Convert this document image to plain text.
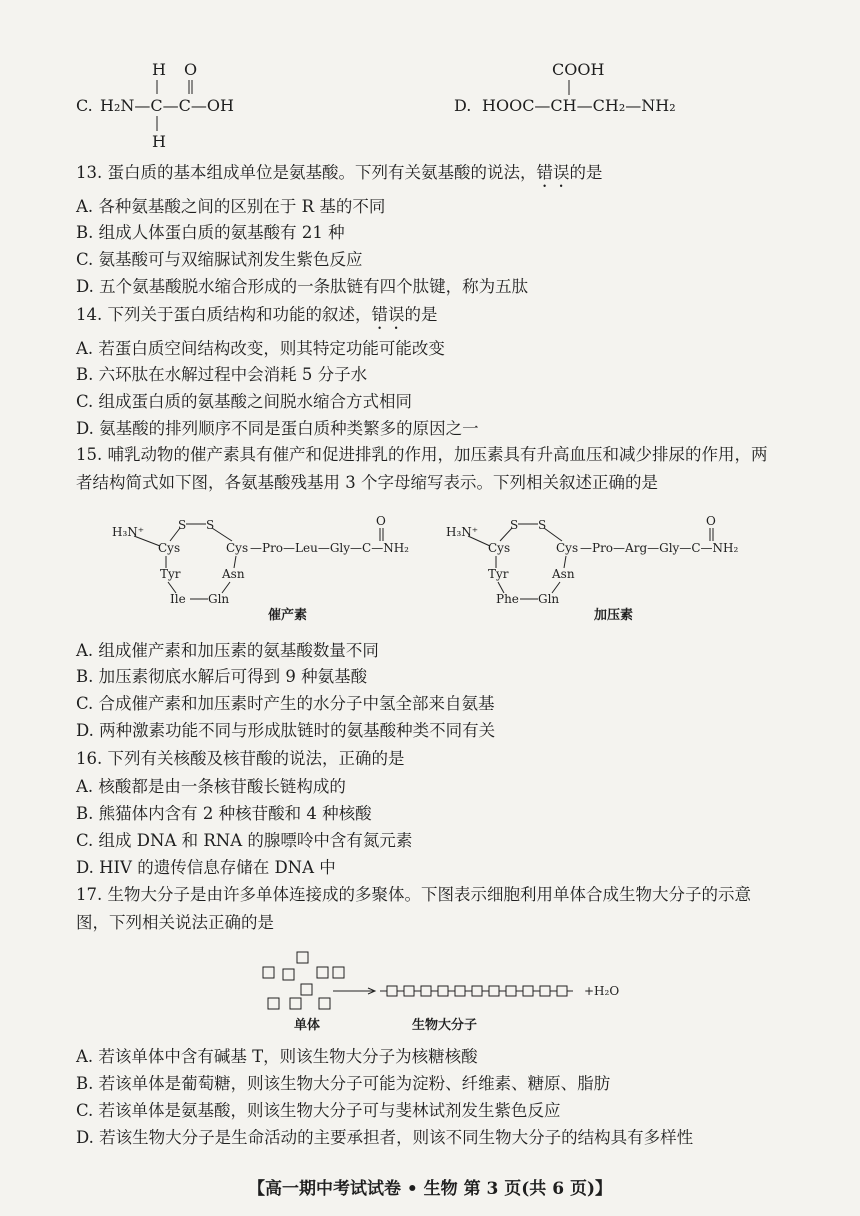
H O
C. H₂N—C—C—OH
H
COOH
D. HOOC—CH—CH₂—NH₂
13. 蛋白质的基本组成单位是氨基酸。下列有关氨基酸的说法，错误的是
A. 各种氨基酸之间的区别在于 R 基的不同
B. 组成人体蛋白质的氨基酸有 21 种
C. 氨基酸可与双缩脲试剂发生紫色反应
D. 五个氨基酸脱水缩合形成的一条肽链有四个肽键，称为五肽
14. 下列关于蛋白质结构和功能的叙述，错误的是
A. 若蛋白质空间结构改变，则其特定功能可能改变
B. 六环肽在水解过程中会消耗 5 分子水
C. 组成蛋白质的氨基酸之间脱水缩合方式相同
D. 氨基酸的排列顺序不同是蛋白质种类繁多的原因之一
15. 哺乳动物的催产素具有催产和促进排乳的作用，加压素具有升高血压和减少排尿的作用，两
者结构简式如下图，各氨基酸残基用 3 个字母缩写表示。下列相关叙述正确的是
H₃N⁺	S S
Cys	Cys —Pro—Leu—Gly—C—NH₂
O
Tyr	Asn
Ile Gln
催产素
H₃N⁺	S S
Cys	Cys —Pro—Arg—Gly—C—NH₂
O
Tyr	Asn
Phe Gln
加压素
A. 组成催产素和加压素的氨基酸数量不同
B. 加压素彻底水解后可得到 9 种氨基酸
C. 合成催产素和加压素时产生的水分子中氢全部来自氨基
D. 两种激素功能不同与形成肽链时的氨基酸种类不同有关
16. 下列有关核酸及核苷酸的说法，正确的是
A. 核酸都是由一条核苷酸长链构成的
B. 熊猫体内含有 2 种核苷酸和 4 种核酸
C. 组成 DNA 和 RNA 的腺嘌呤中含有氮元素
D. HIV 的遗传信息存储在 DNA 中
17. 生物大分子是由许多单体连接成的多聚体。下图表示细胞利用单体合成生物大分子的示意
图，下列相关说法正确的是
+H₂O
单体	生物大分子
A. 若该单体中含有碱基 T，则该生物大分子为核糖核酸
B. 若该单体是葡萄糖，则该生物大分子可能为淀粉、纤维素、糖原、脂肪
C. 若该单体是氨基酸，则该生物大分子可与斐林试剂发生紫色反应
D. 若该生物大分子是生命活动的主要承担者，则该不同生物大分子的结构具有多样性
【高一期中考试试卷 • 生物 第 3 页(共 6 页)】
